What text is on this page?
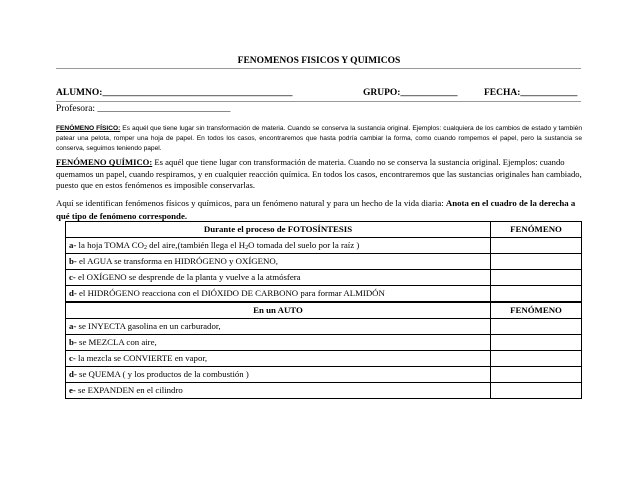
FENOMENOS FISICOS Y QUIMICOS
ALUMNO:________________________________________	GRUPO:____________	FECHA:____________
Profesora: ____________________________
FENÓMENO FÍSICO: Es aquél que tiene lugar sin transformación de materia. Cuando se conserva la sustancia original. Ejemplos: cualquiera de los cambios de estado y también patear una pelota, romper una hoja de papel. En todos los casos, encontraremos que hasta podría cambiar la forma, como cuando rompemos el papel, pero la sustancia se conserva, seguimos teniendo papel.
FENÓMENO QUÍMICO: Es aquél que tiene lugar con transformación de materia. Cuando no se conserva la sustancia original. Ejemplos: cuando quemamos un papel, cuando respiramos, y en cualquier reacción química. En todos los casos, encontraremos que las sustancias originales han cambiado, puesto que en estos fenómenos es imposible conservarlas.
Aquí se identifican fenómenos físicos y químicos, para un fenómeno natural y para un hecho de la vida diaria: Anota en el cuadro de la derecha a qué tipo de fenómeno corresponde.
Durante el proceso de FOTOSÍNTESIS	FENÓMENO
a- la hoja TOMA $CO_2$ del aire,(también llega el $H_2O$ tomada del suelo por la raíz )	
b- el AGUA se transforma en HIDRÓGENO y OXÍGENO,	
c- el OXÍGENO se desprende de la planta y vuelve a la atmósfera	
d- el HIDRÓGENO reacciona con el DIÓXIDO DE CARBONO para formar ALMIDÓN	
En un AUTO	FENÓMENO
a- se INYECTA gasolina en un carburador,	
b- se MEZCLA con aire,	
c- la mezcla se CONVIERTE en vapor,	
d- se QUEMA ( y los productos de la combustión )	
e- se EXPANDEN en el cilindro	
